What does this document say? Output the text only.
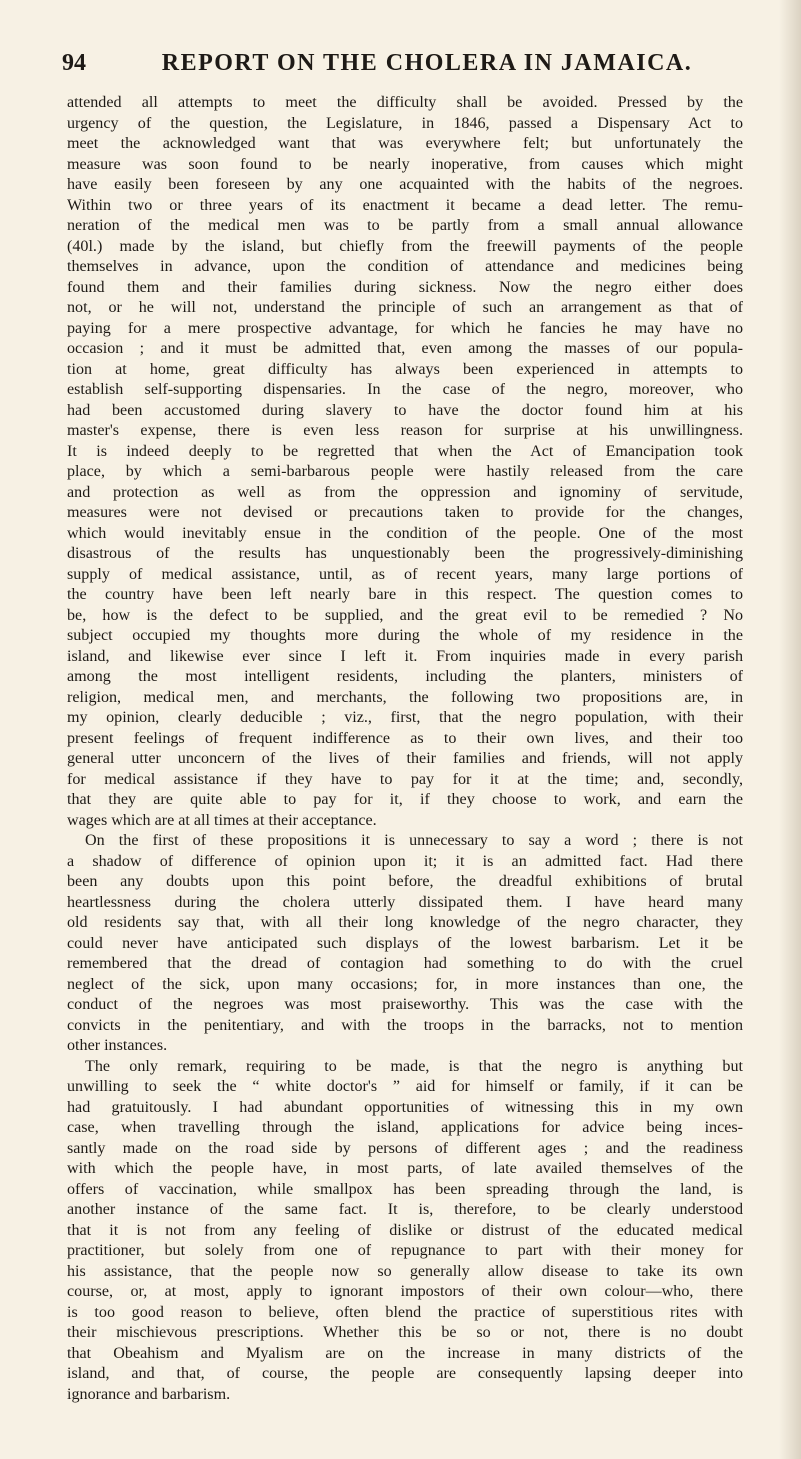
94	REPORT ON THE CHOLERA IN JAMAICA.
attended all attempts to meet the difficulty shall be avoided. Pressed by the
urgency of the question, the Legislature, in 1846, passed a Dispensary Act to
meet the acknowledged want that was everywhere felt; but unfortunately the
measure was soon found to be nearly inoperative, from causes which might
have easily been foreseen by any one acquainted with the habits of the negroes.
Within two or three years of its enactment it became a dead letter. The remu-
neration of the medical men was to be partly from a small annual allowance
(40l.) made by the island, but chiefly from the freewill payments of the people
themselves in advance, upon the condition of attendance and medicines being
found them and their families during sickness. Now the negro either does
not, or he will not, understand the principle of such an arrangement as that of
paying for a mere prospective advantage, for which he fancies he may have no
occasion ; and it must be admitted that, even among the masses of our popula-
tion at home, great difficulty has always been experienced in attempts to
establish self-supporting dispensaries. In the case of the negro, moreover, who
had been accustomed during slavery to have the doctor found him at his
master's expense, there is even less reason for surprise at his unwillingness.
It is indeed deeply to be regretted that when the Act of Emancipation took
place, by which a semi-barbarous people were hastily released from the care
and protection as well as from the oppression and ignominy of servitude,
measures were not devised or precautions taken to provide for the changes,
which would inevitably ensue in the condition of the people. One of the most
disastrous of the results has unquestionably been the progressively-diminishing
supply of medical assistance, until, as of recent years, many large portions of
the country have been left nearly bare in this respect. The question comes to
be, how is the defect to be supplied, and the great evil to be remedied ? No
subject occupied my thoughts more during the whole of my residence in the
island, and likewise ever since I left it. From inquiries made in every parish
among the most intelligent residents, including the planters, ministers of
religion, medical men, and merchants, the following two propositions are, in
my opinion, clearly deducible ; viz., first, that the negro population, with their
present feelings of frequent indifference as to their own lives, and their too
general utter unconcern of the lives of their families and friends, will not apply
for medical assistance if they have to pay for it at the time; and, secondly,
that they are quite able to pay for it, if they choose to work, and earn the
wages which are at all times at their acceptance.
On the first of these propositions it is unnecessary to say a word ; there is not
a shadow of difference of opinion upon it; it is an admitted fact. Had there
been any doubts upon this point before, the dreadful exhibitions of brutal
heartlessness during the cholera utterly dissipated them. I have heard many
old residents say that, with all their long knowledge of the negro character, they
could never have anticipated such displays of the lowest barbarism. Let it be
remembered that the dread of contagion had something to do with the cruel
neglect of the sick, upon many occasions; for, in more instances than one, the
conduct of the negroes was most praiseworthy. This was the case with the
convicts in the penitentiary, and with the troops in the barracks, not to mention
other instances.
The only remark, requiring to be made, is that the negro is anything but
unwilling to seek the “ white doctor's ” aid for himself or family, if it can be
had gratuitously. I had abundant opportunities of witnessing this in my own
case, when travelling through the island, applications for advice being inces-
santly made on the road side by persons of different ages ; and the readiness
with which the people have, in most parts, of late availed themselves of the
offers of vaccination, while smallpox has been spreading through the land, is
another instance of the same fact. It is, therefore, to be clearly understood
that it is not from any feeling of dislike or distrust of the educated medical
practitioner, but solely from one of repugnance to part with their money for
his assistance, that the people now so generally allow disease to take its own
course, or, at most, apply to ignorant impostors of their own colour—who, there
is too good reason to believe, often blend the practice of superstitious rites with
their mischievous prescriptions. Whether this be so or not, there is no doubt
that Obeahism and Myalism are on the increase in many districts of the
island, and that, of course, the people are consequently lapsing deeper into
ignorance and barbarism.
